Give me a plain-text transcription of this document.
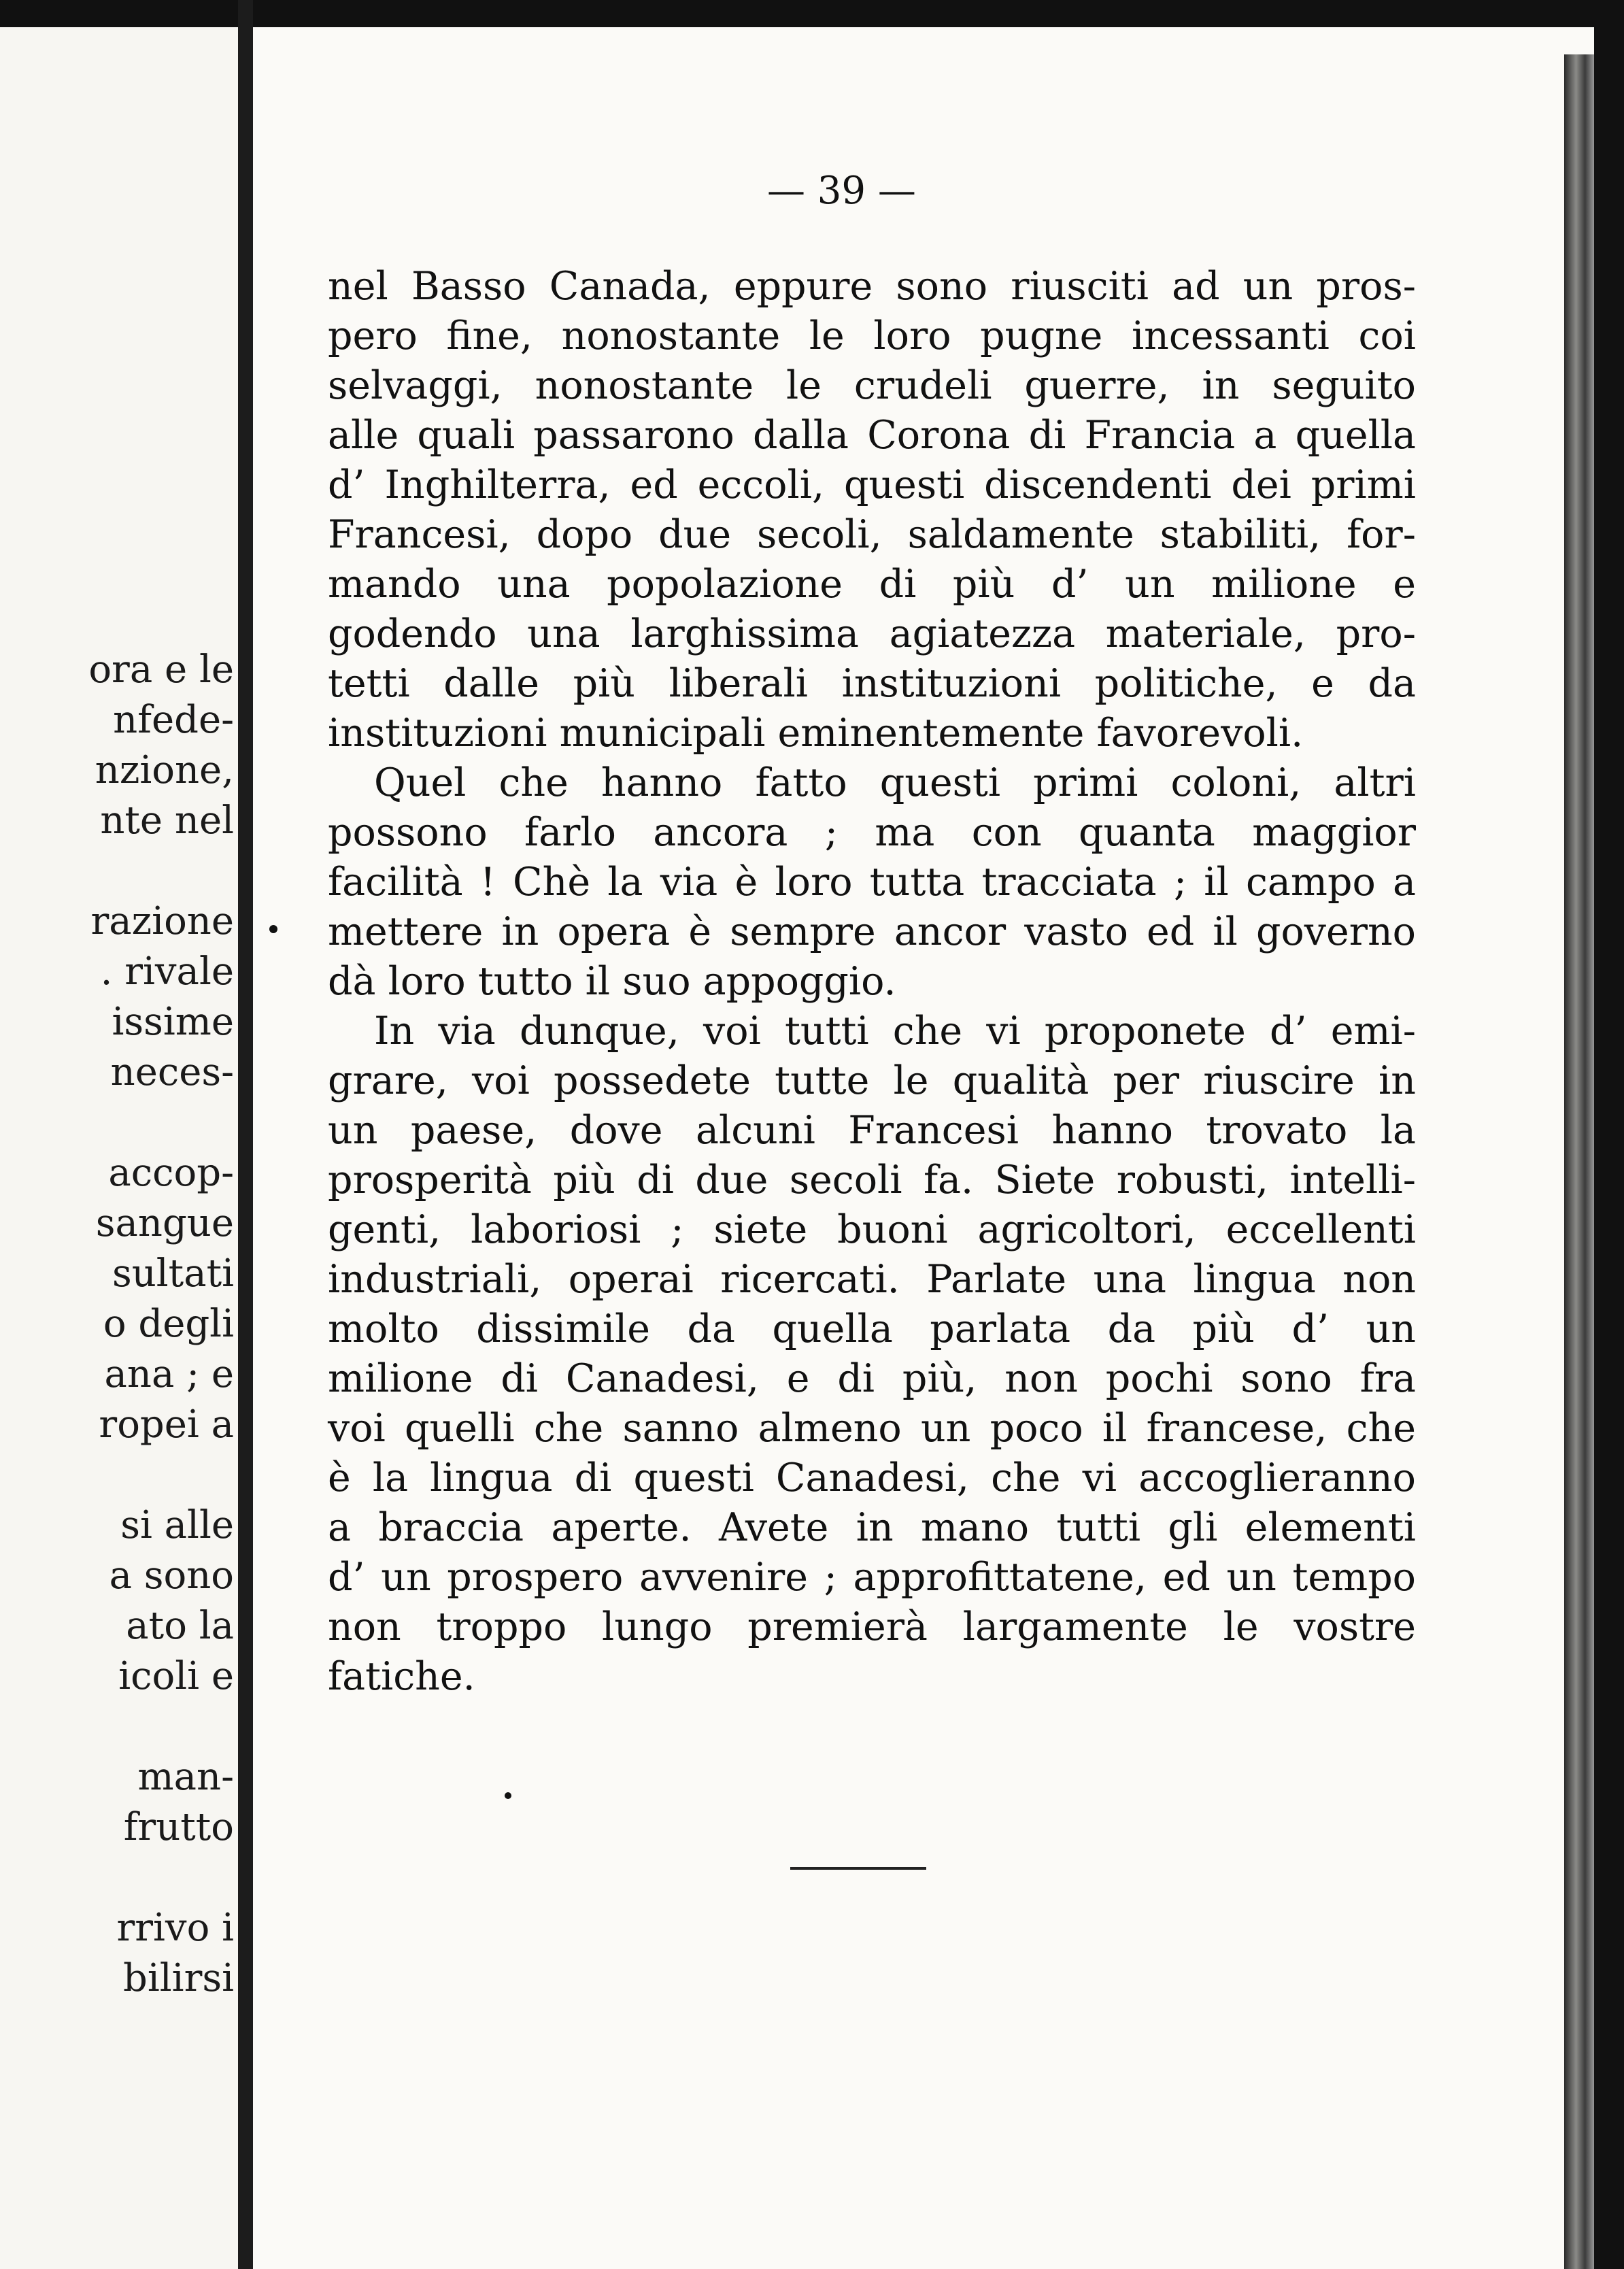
ora e le
nfede-
nzione,
nte nel
razione
. rivale
issime
neces-
accop-
sangue
sultati
o degli
ana ; e
ropei a
si alle
a sono
ato la
icoli e
man-
frutto
rrivo i
bilirsi
— 39 —
nel Basso Canada, eppure sono riusciti ad un pros-
pero fine, nonostante le loro pugne incessanti coi
selvaggi, nonostante le crudeli guerre, in seguito
alle quali passarono dalla Corona di Francia a quella
d’ Inghilterra, ed eccoli, questi discendenti dei primi
Francesi, dopo due secoli, saldamente stabiliti, for-
mando una popolazione di più d’ un milione e
godendo una larghissima agiatezza materiale, pro-
tetti dalle più liberali instituzioni politiche, e da
instituzioni municipali eminentemente favorevoli.
Quel che hanno fatto questi primi coloni, altri
possono farlo ancora ; ma con quanta maggior
facilità ! Chè la via è loro tutta tracciata ; il campo a
mettere in opera è sempre ancor vasto ed il governo
dà loro tutto il suo appoggio.
In via dunque, voi tutti che vi proponete d’ emi-
grare, voi possedete tutte le qualità per riuscire in
un paese, dove alcuni Francesi hanno trovato la
prosperità più di due secoli fa. Siete robusti, intelli-
genti, laboriosi ; siete buoni agricoltori, eccellenti
industriali, operai ricercati. Parlate una lingua non
molto dissimile da quella parlata da più d’ un
milione di Canadesi, e di più, non pochi sono fra
voi quelli che sanno almeno un poco il francese, che
è la lingua di questi Canadesi, che vi accoglieranno
a braccia aperte. Avete in mano tutti gli elementi
d’ un prospero avvenire ; approfittatene, ed un tempo
non troppo lungo premierà largamente le vostre
fatiche.
